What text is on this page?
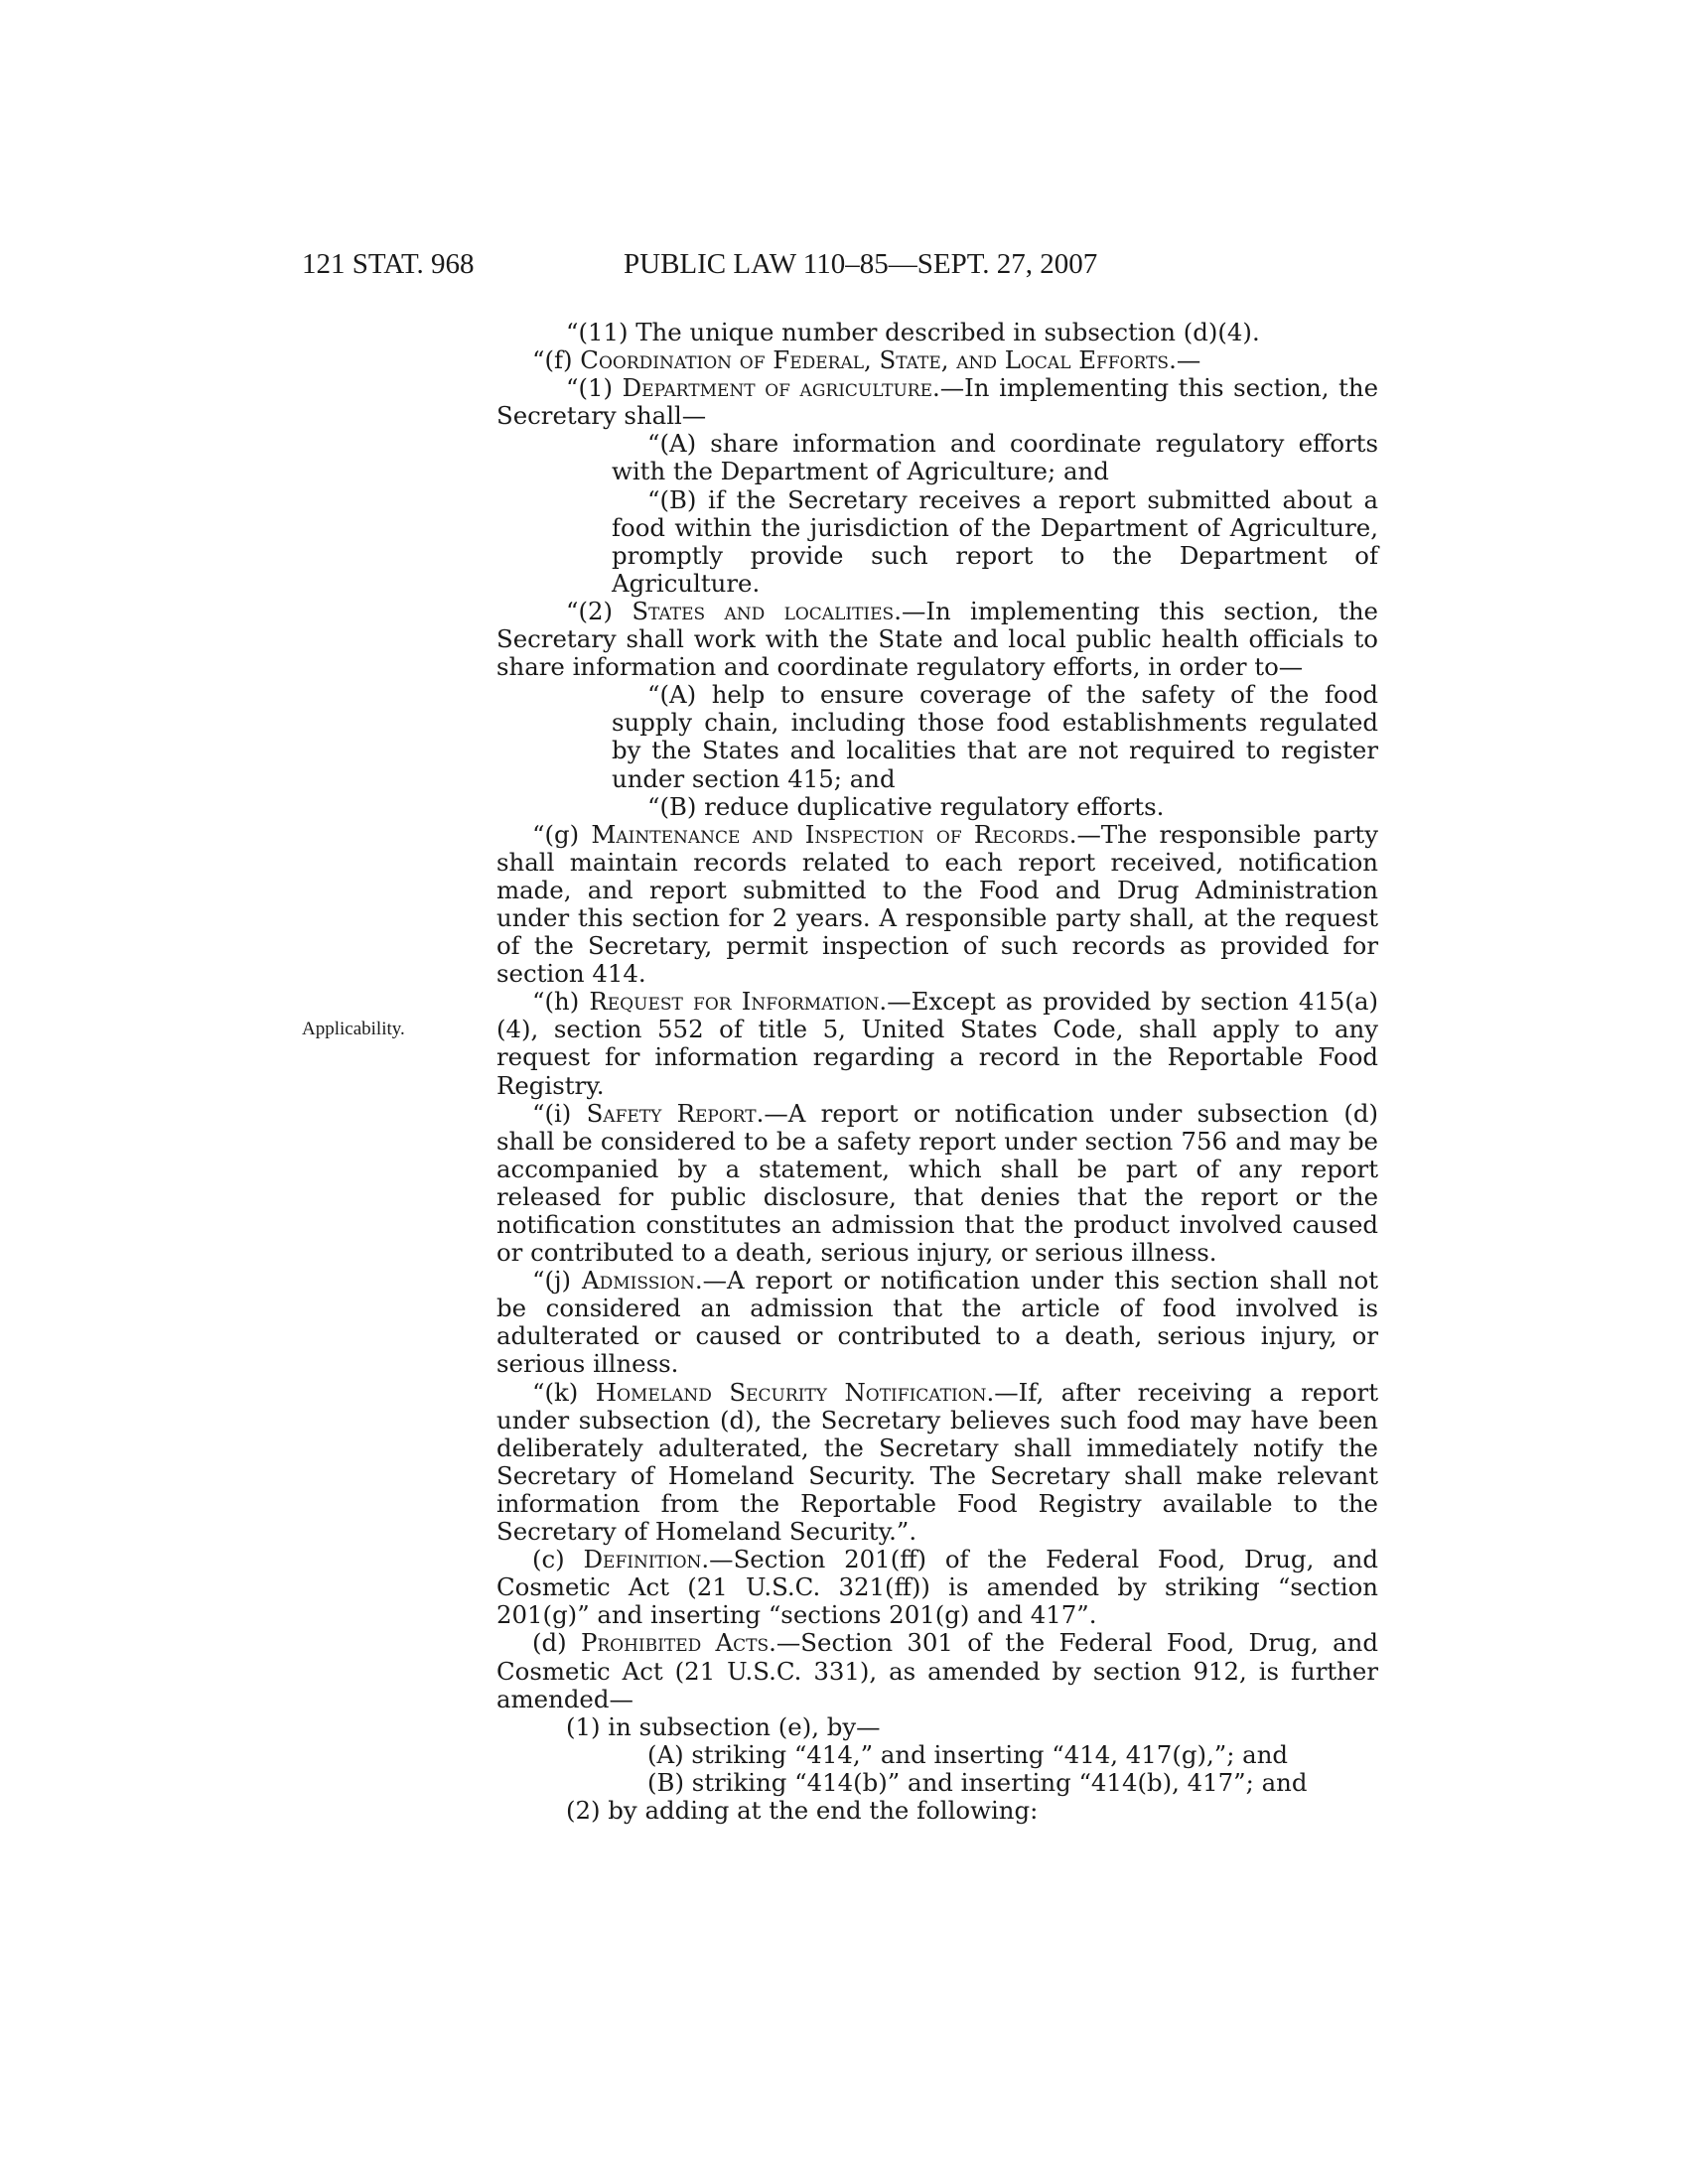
121 STAT. 968	PUBLIC LAW 110–85—SEPT. 27, 2007
Applicability.

“(11) The unique number described in subsection (d)(4).

“(f) Coordination of Federal, State, and Local Efforts.—

“(1) Department of agriculture.—In implementing this section, the Secretary shall—

“(A) share information and coordinate regulatory efforts with the Department of Agriculture; and

“(B) if the Secretary receives a report submitted about a food within the jurisdiction of the Department of Agriculture, promptly provide such report to the Department of Agriculture.

“(2) States and localities.—In implementing this section, the Secretary shall work with the State and local public health officials to share information and coordinate regulatory efforts, in order to—

“(A) help to ensure coverage of the safety of the food supply chain, including those food establishments regulated by the States and localities that are not required to register under section 415; and

“(B) reduce duplicative regulatory efforts.

“(g) Maintenance and Inspection of Records.—The responsible party shall maintain records related to each report received, notification made, and report submitted to the Food and Drug Administration under this section for 2 years. A responsible party shall, at the request of the Secretary, permit inspection of such records as provided for section 414.

“(h) Request for Information.—Except as provided by section 415(a)(4), section 552 of title 5, United States Code, shall apply to any request for information regarding a record in the Reportable Food Registry.

“(i) Safety Report.—A report or notification under subsection (d) shall be considered to be a safety report under section 756 and may be accompanied by a statement, which shall be part of any report released for public disclosure, that denies that the report or the notification constitutes an admission that the product involved caused or contributed to a death, serious injury, or serious illness.

“(j) Admission.—A report or notification under this section shall not be considered an admission that the article of food involved is adulterated or caused or contributed to a death, serious injury, or serious illness.

“(k) Homeland Security Notification.—If, after receiving a report under subsection (d), the Secretary believes such food may have been deliberately adulterated, the Secretary shall immediately notify the Secretary of Homeland Security. The Secretary shall make relevant information from the Reportable Food Registry available to the Secretary of Homeland Security.”.

(c) Definition.—Section 201(ff) of the Federal Food, Drug, and Cosmetic Act (21 U.S.C. 321(ff)) is amended by striking “section 201(g)” and inserting “sections 201(g) and 417”.

(d) Prohibited Acts.—Section 301 of the Federal Food, Drug, and Cosmetic Act (21 U.S.C. 331), as amended by section 912, is further amended—

(1) in subsection (e), by—

(A) striking “414,” and inserting “414, 417(g),”; and

(B) striking “414(b)” and inserting “414(b), 417”; and

(2) by adding at the end the following:
